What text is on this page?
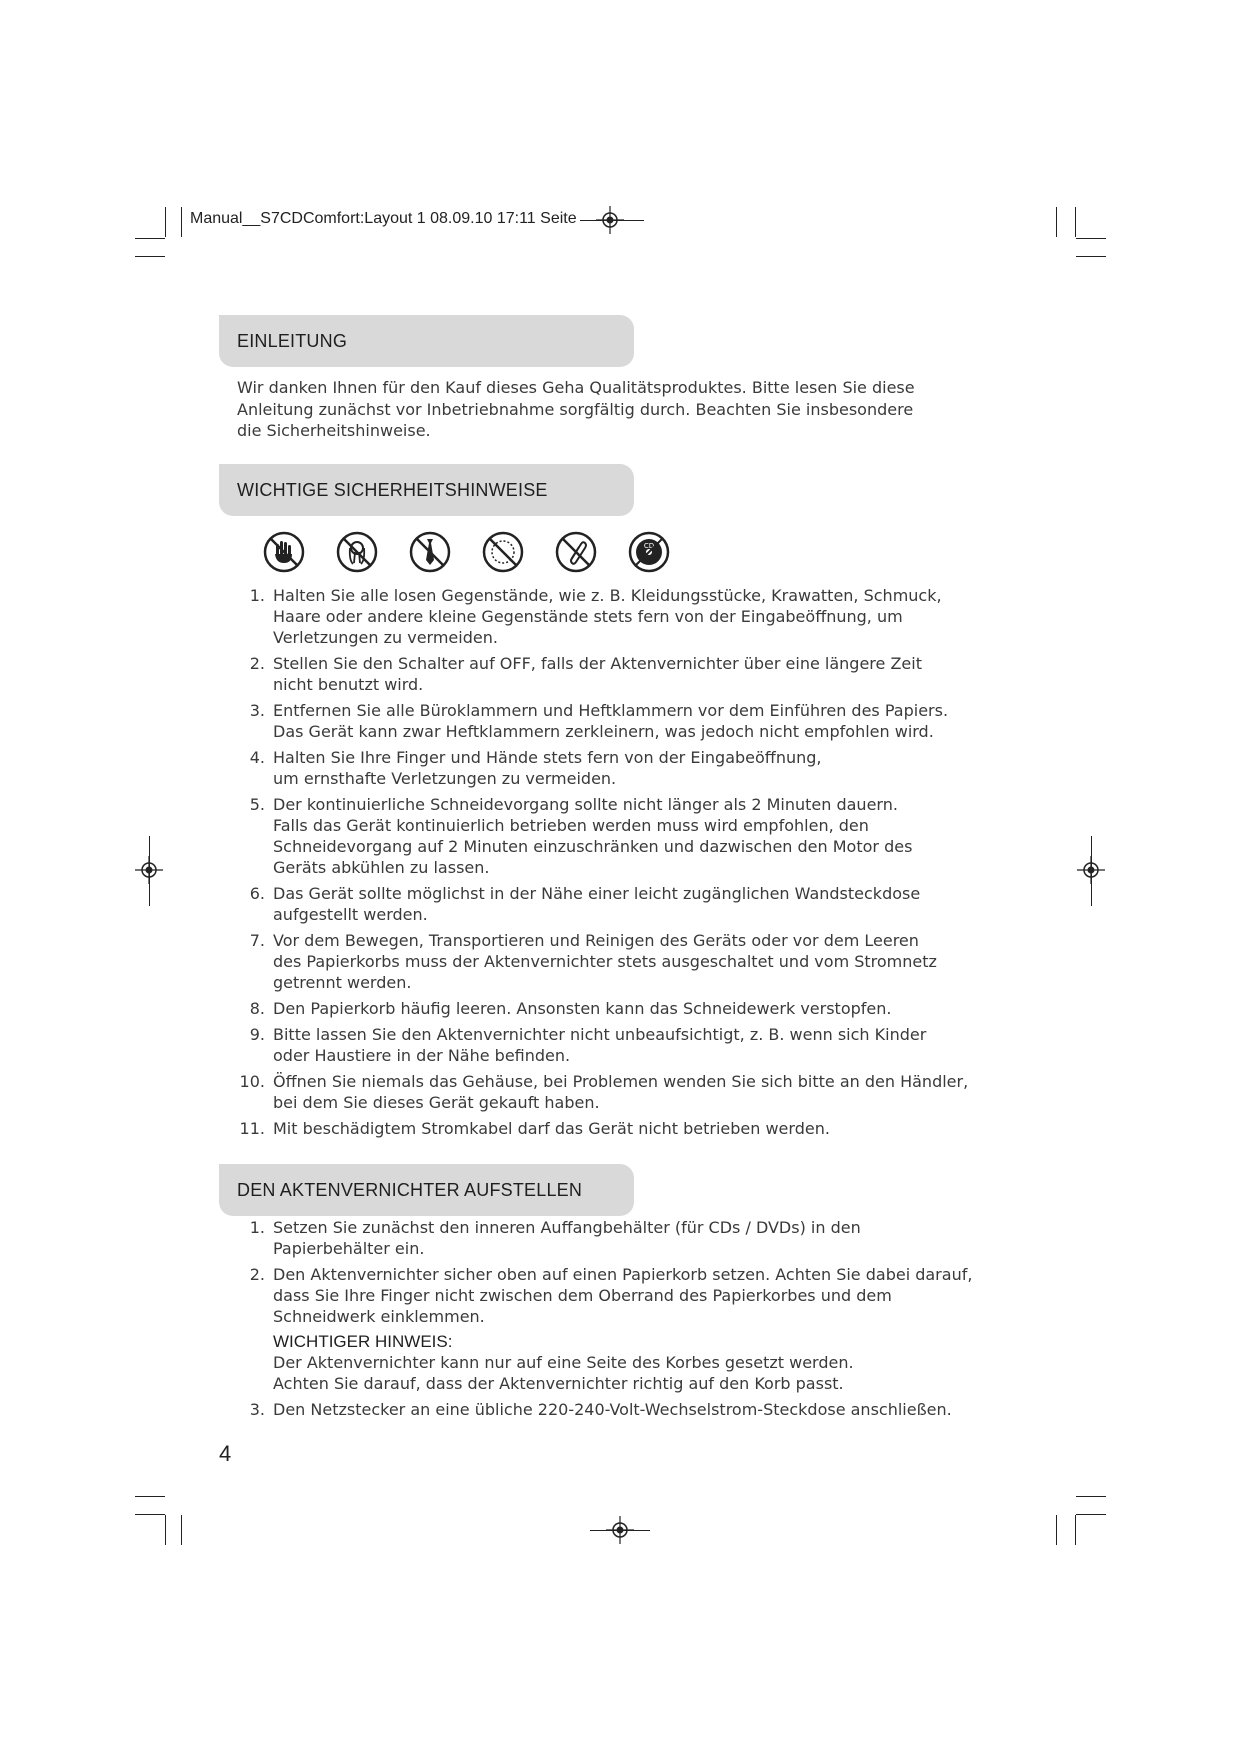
Manual__S7CDComfort:Layout 1 08.09.10 17:11 Seite
EINLEITUNG
Wir danken Ihnen für den Kauf dieses Geha Qualitätsproduktes. Bitte lesen Sie diese
Anleitung zunächst vor Inbetriebnahme sorgfältig durch. Beachten Sie insbesondere
die Sicherheitshinweise.
WICHTIGE SICHERHEITSHINWEISE
CD
1. Halten Sie alle losen Gegenstände, wie z. B. Kleidungsstücke, Krawatten, Schmuck,
Haare oder andere kleine Gegenstände stets fern von der Eingabeöffnung, um
Verletzungen zu vermeiden.
2. Stellen Sie den Schalter auf OFF, falls der Aktenvernichter über eine längere Zeit
nicht benutzt wird.
3. Entfernen Sie alle Büroklammern und Heftklammern vor dem Einführen des Papiers.
Das Gerät kann zwar Heftklammern zerkleinern, was jedoch nicht empfohlen wird.
4. Halten Sie Ihre Finger und Hände stets fern von der Eingabeöffnung,
um ernsthafte Verletzungen zu vermeiden.
5. Der kontinuierliche Schneidevorgang sollte nicht länger als 2 Minuten dauern.
Falls das Gerät kontinuierlich betrieben werden muss wird empfohlen, den
Schneidevorgang auf 2 Minuten einzuschränken und dazwischen den Motor des
Geräts abkühlen zu lassen.
6. Das Gerät sollte möglichst in der Nähe einer leicht zugänglichen Wandsteckdose
aufgestellt werden.
7. Vor dem Bewegen, Transportieren und Reinigen des Geräts oder vor dem Leeren
des Papierkorbs muss der Aktenvernichter stets ausgeschaltet und vom Stromnetz
getrennt werden.
8. Den Papierkorb häufig leeren. Ansonsten kann das Schneidewerk verstopfen.
9. Bitte lassen Sie den Aktenvernichter nicht unbeaufsichtigt, z. B. wenn sich Kinder
oder Haustiere in der Nähe befinden.
10. Öffnen Sie niemals das Gehäuse, bei Problemen wenden Sie sich bitte an den Händler,
bei dem Sie dieses Gerät gekauft haben.
11. Mit beschädigtem Stromkabel darf das Gerät nicht betrieben werden.
DEN AKTENVERNICHTER AUFSTELLEN
1. Setzen Sie zunächst den inneren Auffangbehälter (für CDs / DVDs) in den
Papierbehälter ein.
2. Den Aktenvernichter sicher oben auf einen Papierkorb setzen. Achten Sie dabei darauf,
dass Sie Ihre Finger nicht zwischen dem Oberrand des Papierkorbes und dem
Schneidwerk einklemmen.
WICHTIGER HINWEIS:
Der Aktenvernichter kann nur auf eine Seite des Korbes gesetzt werden.
Achten Sie darauf, dass der Aktenvernichter richtig auf den Korb passt.
3. Den Netzstecker an eine übliche 220-240-Volt-Wechselstrom-Steckdose anschließen.
4
